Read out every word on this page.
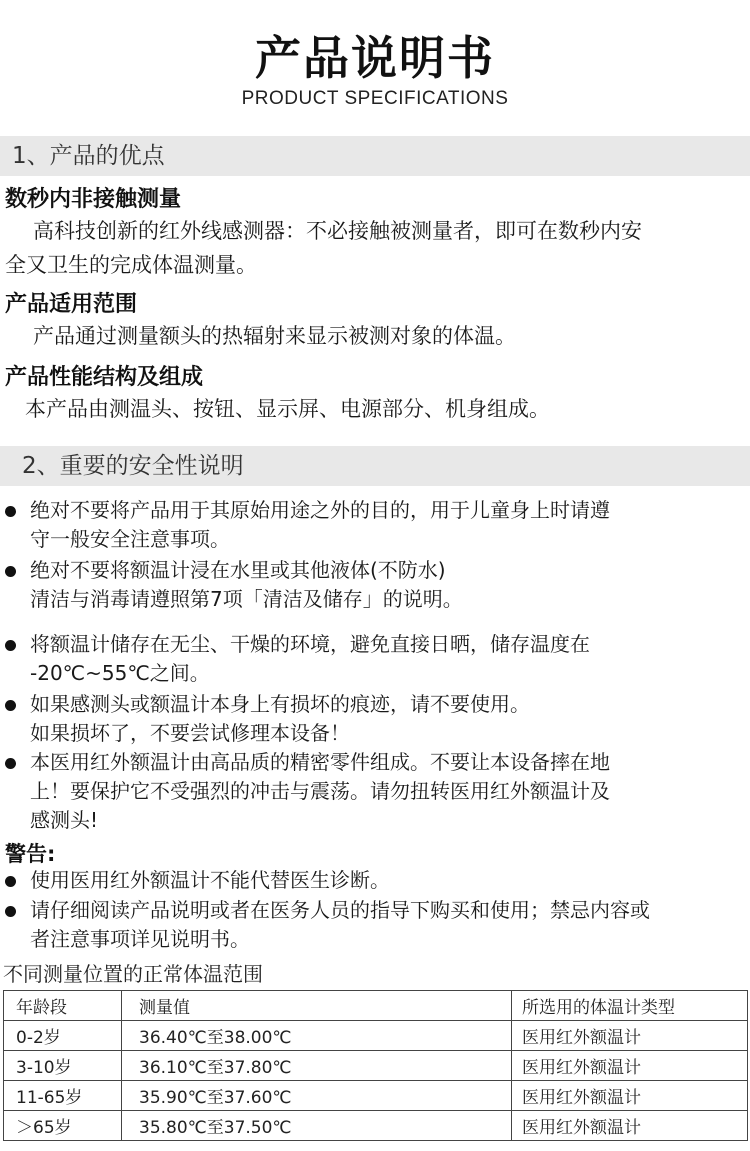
产品说明书
PRODUCT SPECIFICATIONS
1、产品的优点
数秒内非接触测量
高科技创新的红外线感测器：不必接触被测量者，即可在数秒内安
全又卫生的完成体温测量。
产品适用范围
产品通过测量额头的热辐射来显示被测对象的体温。
产品性能结构及组成
本产品由测温头、按钮、显示屏、电源部分、机身组成。
2、重要的安全性说明
绝对不要将产品用于其原始用途之外的目的，用于儿童身上时请遵
守一般安全注意事项。
绝对不要将额温计浸在水里或其他液体(不防水)
清洁与消毒请遵照第7项「清洁及储存」的说明。
将额温计储存在无尘、干燥的环境，避免直接日晒，储存温度在
-20℃~55℃之间。
如果感测头或额温计本身上有损坏的痕迹，请不要使用。
如果损坏了，不要尝试修理本设备！
本医用红外额温计由高品质的精密零件组成。不要让本设备摔在地
上！要保护它不受强烈的冲击与震荡。请勿扭转医用红外额温计及
感测头!
警告:
使用医用红外额温计不能代替医生诊断。
请仔细阅读产品说明或者在医务人员的指导下购买和使用；禁忌内容或
者注意事项详见说明书。
不同测量位置的正常体温范围
年龄段	测量值	所选用的体温计类型
0-2岁	36.40℃至38.00℃	医用红外额温计
3-10岁	36.10℃至37.80℃	医用红外额温计
11-65岁	35.90℃至37.60℃	医用红外额温计
＞65岁	35.80℃至37.50℃	医用红外额温计
